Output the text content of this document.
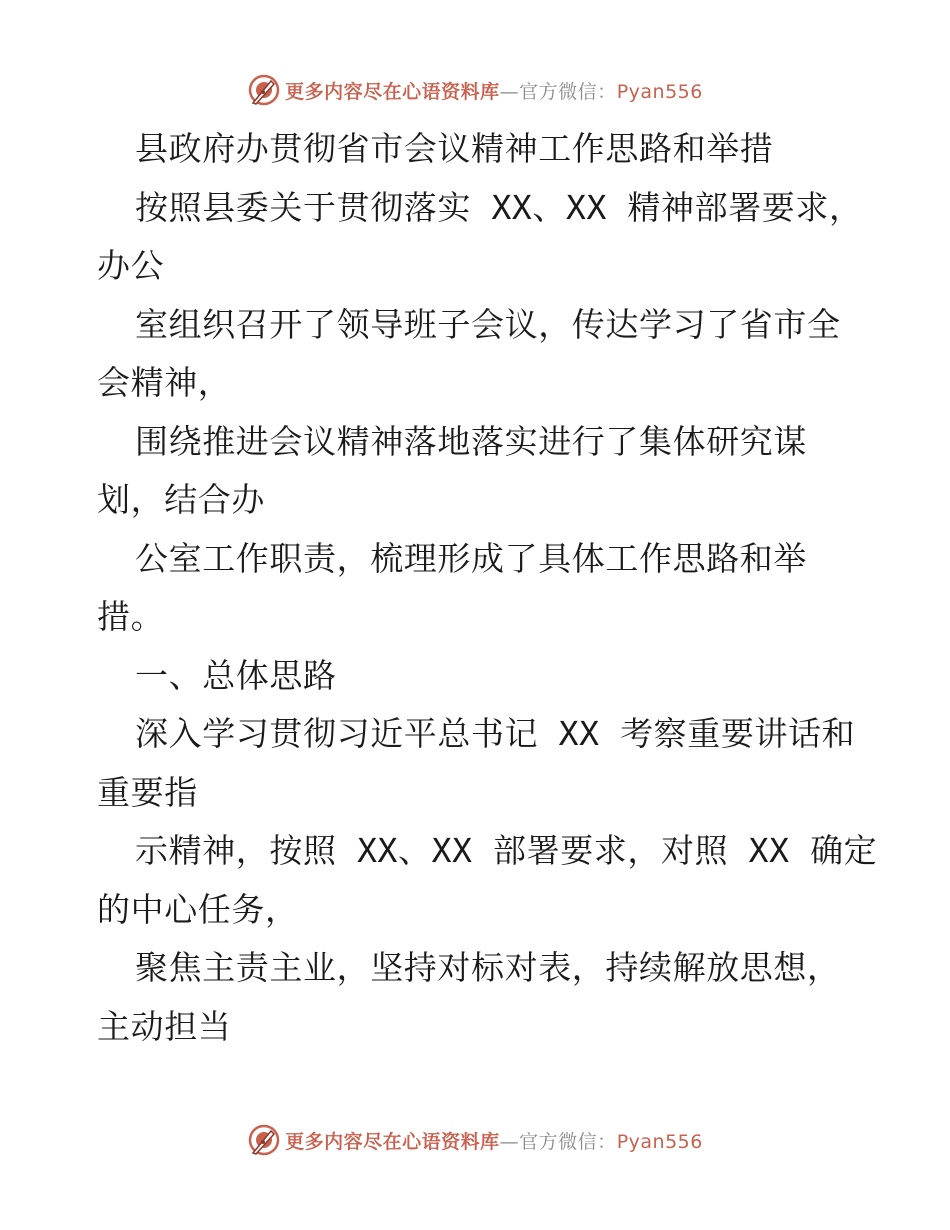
更多内容尽在心语资料库—官方微信：Pyan556
县政府办贯彻省市会议精神工作思路和举措
按照县委关于贯彻落实 XX、XX 精神部署要求，
办公
室组织召开了领导班子会议，传达学习了省市全
会精神，
围绕推进会议精神落地落实进行了集体研究谋
划，结合办
公室工作职责，梳理形成了具体工作思路和举
措。
一、总体思路
深入学习贯彻习近平总书记 XX 考察重要讲话和
重要指
示精神，按照 XX、XX 部署要求，对照 XX 确定
的中心任务，
聚焦主责主业，坚持对标对表，持续解放思想，
主动担当
更多内容尽在心语资料库—官方微信：Pyan556
